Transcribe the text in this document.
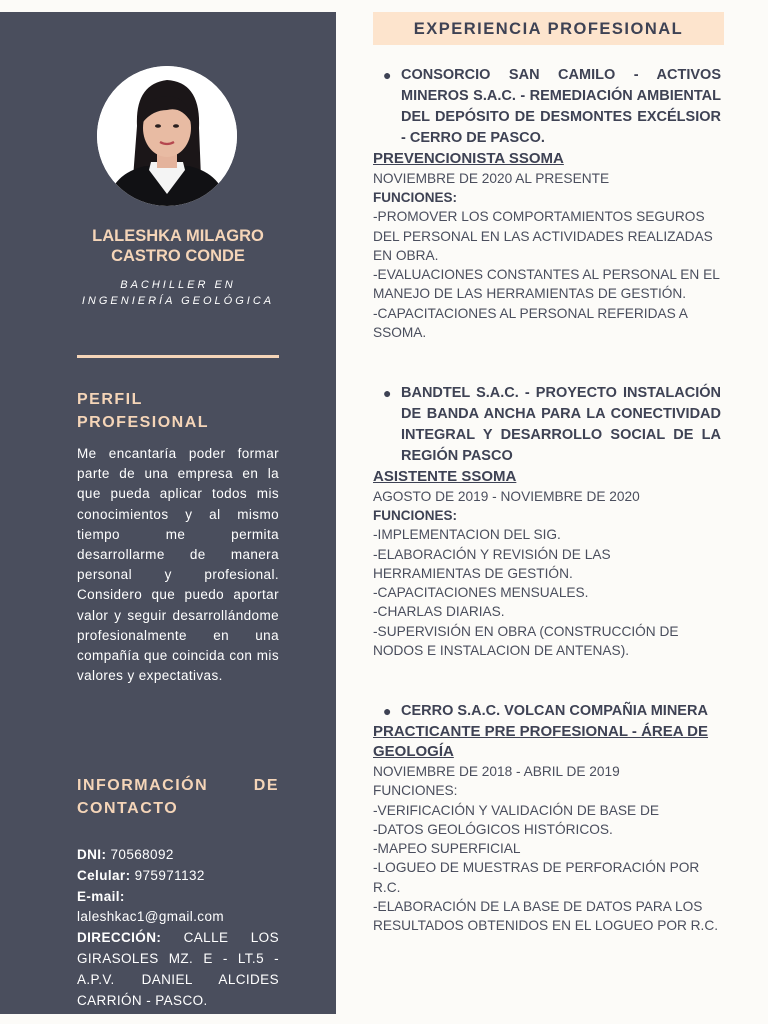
LALESHKA MILAGRO CASTRO CONDE
BACHILLER EN INGENIERÍA GEOLÓGICA
PERFIL PROFESIONAL
Me encantaría poder formar parte de una empresa en la que pueda aplicar todos mis conocimientos y al mismo tiempo me permita desarrollarme de manera personal y profesional. Considero que puedo aportar valor y seguir desarrollándome profesionalmente en una compañía que coincida con mis valores y expectativas.
INFORMACIÓN DE CONTACTO
DNI: 70568092
Celular: 975971132
E-mail:
laleshkac1@gmail.com
DIRECCIÓN: CALLE LOS GIRASOLES MZ. E - LT.5 - A.P.V. DANIEL ALCIDES CARRIÓN - PASCO.
EXPERIENCIA PROFESIONAL

● CONSORCIO SAN CAMILO - ACTIVOS MINEROS S.A.C. - REMEDIACIÓN AMBIENTAL DEL DEPÓSITO DE DESMONTES EXCÉLSIOR - CERRO DE PASCO.

PREVENCIONISTA SSOMA
NOVIEMBRE DE 2020 AL PRESENTE
FUNCIONES:
-PROMOVER LOS COMPORTAMIENTOS SEGUROS DEL PERSONAL EN LAS ACTIVIDADES REALIZADAS EN OBRA.
-EVALUACIONES CONSTANTES AL PERSONAL EN EL MANEJO DE LAS HERRAMIENTAS DE GESTIÓN.
-CAPACITACIONES AL PERSONAL REFERIDAS A SSOMA.

● BANDTEL S.A.C. - PROYECTO INSTALACIÓN DE BANDA ANCHA PARA LA CONECTIVIDAD INTEGRAL Y DESARROLLO SOCIAL DE LA REGIÓN PASCO

ASISTENTE SSOMA
AGOSTO DE 2019 - NOVIEMBRE DE 2020
FUNCIONES:
-IMPLEMENTACION DEL SIG.
-ELABORACIÓN Y REVISIÓN DE LAS HERRAMIENTAS DE GESTIÓN.
-CAPACITACIONES MENSUALES.
-CHARLAS DIARIAS.
-SUPERVISIÓN EN OBRA (CONSTRUCCIÓN DE NODOS E INSTALACION DE ANTENAS).

● CERRO S.A.C. VOLCAN COMPAÑIA MINERA

PRACTICANTE PRE PROFESIONAL - ÁREA DE GEOLOGÍA
NOVIEMBRE DE 2018 - ABRIL DE 2019
FUNCIONES:
-VERIFICACIÓN Y VALIDACIÓN DE BASE DE
-DATOS GEOLÓGICOS HISTÓRICOS.
-MAPEO SUPERFICIAL
-LOGUEO DE MUESTRAS DE PERFORACIÓN POR R.C.
-ELABORACIÓN DE LA BASE DE DATOS PARA LOS RESULTADOS OBTENIDOS EN EL LOGUEO POR R.C.
